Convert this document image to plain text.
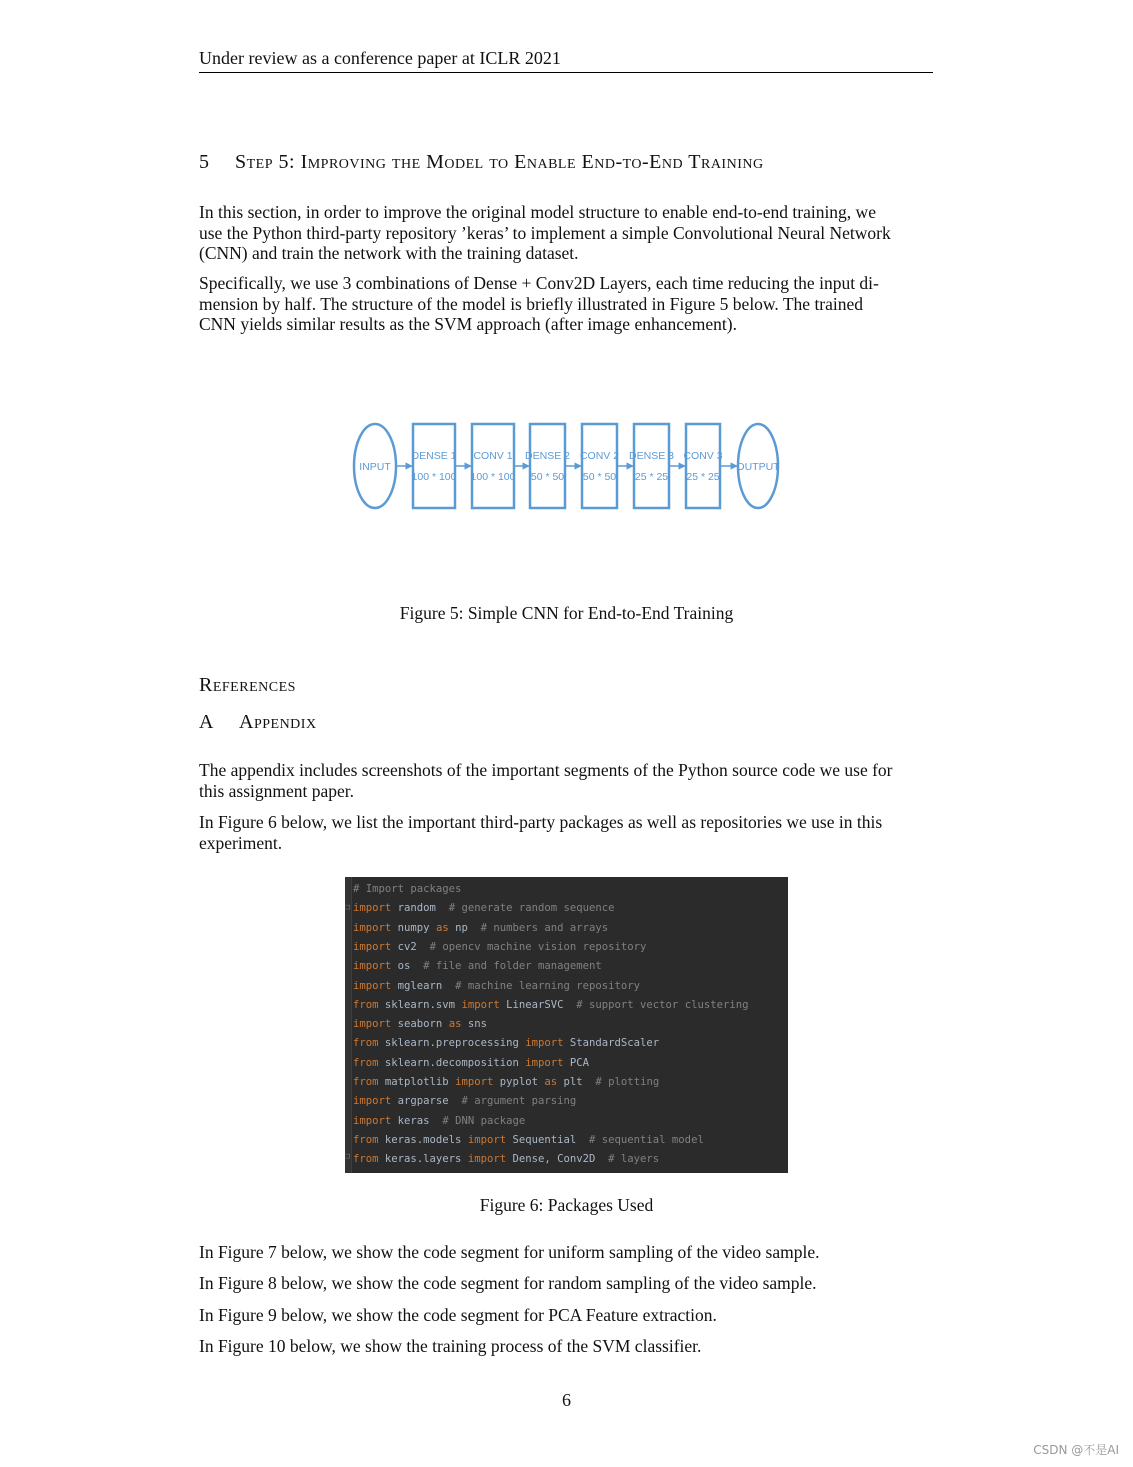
Under review as a conference paper at ICLR 2021
5 Step 5: Improving the Model to Enable End-to-End Training
In this section, in order to improve the original model structure to enable end-to-end training, we
use the Python third-party repository ’keras’ to implement a simple Convolutional Neural Network
(CNN) and train the network with the training dataset.
Specifically, we use 3 combinations of Dense + Conv2D Layers, each time reducing the input di-
mension by half. The structure of the model is briefly illustrated in Figure 5 below. The trained
CNN yields similar results as the SVM approach (after image enhancement).
INPUT
DENSE 1
100 * 100
CONV 1
100 * 100
DENSE 2
50 * 50
CONV 2
50 * 50
DENSE 3
25 * 25
CONV 3
25 * 25
OUTPUT
Figure 5: Simple CNN for End-to-End Training
References
A Appendix
The appendix includes screenshots of the important segments of the Python source code we use for
this assignment paper.
In Figure 6 below, we list the important third-party packages as well as repositories we use in this
experiment.
⊐
⊐
# Import packages
import random  # generate random sequence
import numpy as np  # numbers and arrays
import cv2  # opencv machine vision repository
import os  # file and folder management
import mglearn  # machine learning repository
from sklearn.svm import LinearSVC  # support vector clustering
import seaborn as sns
from sklearn.preprocessing import StandardScaler
from sklearn.decomposition import PCA
from matplotlib import pyplot as plt  # plotting
import argparse  # argument parsing
import keras  # DNN package
from keras.models import Sequential  # sequential model
from keras.layers import Dense, Conv2D  # layers
Figure 6: Packages Used
In Figure 7 below, we show the code segment for uniform sampling of the video sample.
In Figure 8 below, we show the code segment for random sampling of the video sample.
In Figure 9 below, we show the code segment for PCA Feature extraction.
In Figure 10 below, we show the training process of the SVM classifier.
6
CSDN @不是AI
